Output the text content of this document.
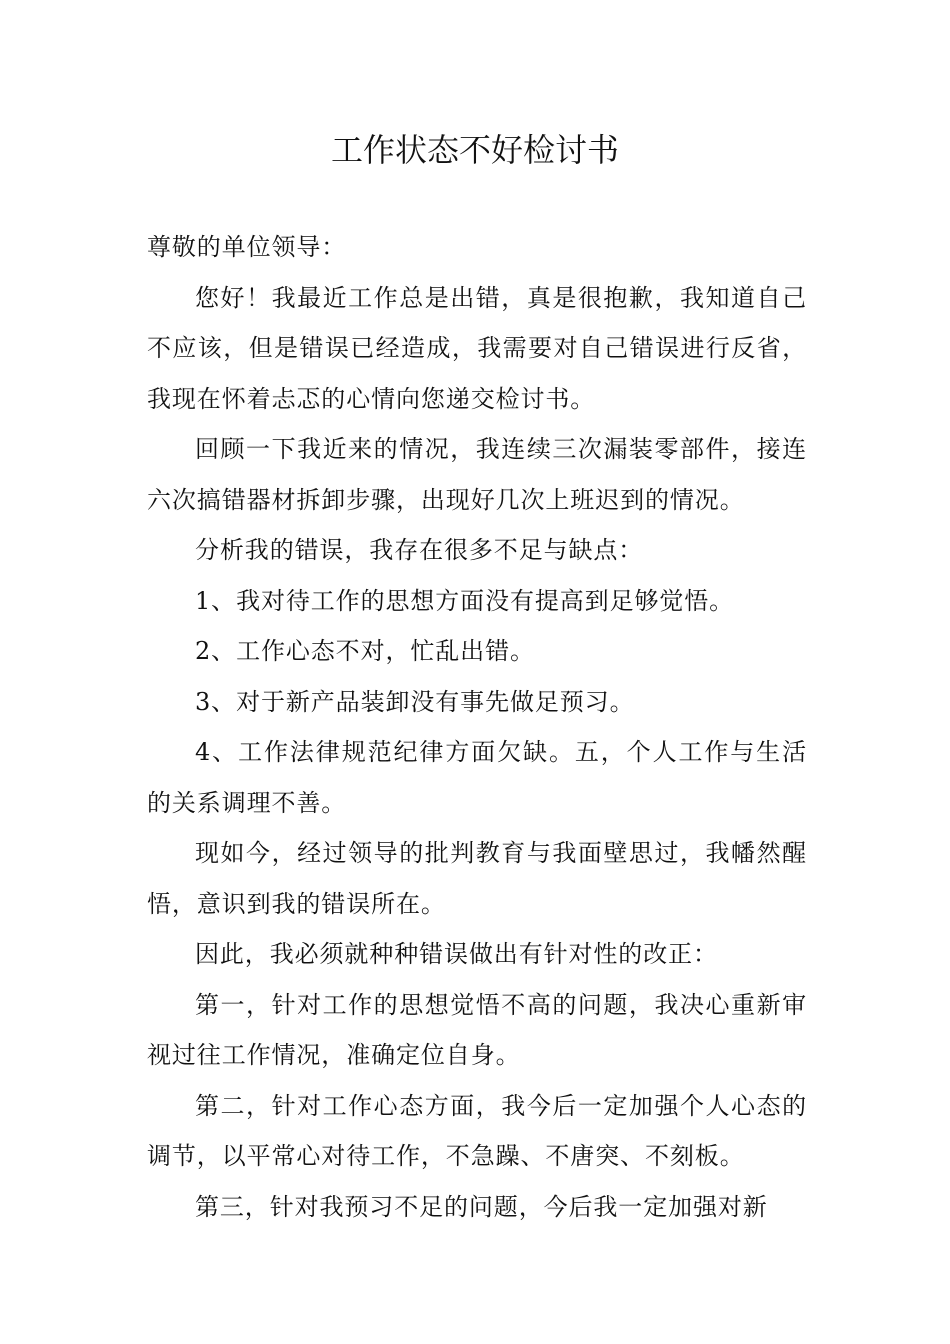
工作状态不好检讨书

尊敬的单位领导：

您好！我最近工作总是出错，真是很抱歉，我知道自己不应该，但是错误已经造成，我需要对自己错误进行反省，我现在怀着忐忑的心情向您递交检讨书。

回顾一下我近来的情况，我连续三次漏装零部件，接连六次搞错器材拆卸步骤，出现好几次上班迟到的情况。

分析我的错误，我存在很多不足与缺点：

1、我对待工作的思想方面没有提高到足够觉悟。

2、工作心态不对，忙乱出错。

3、对于新产品装卸没有事先做足预习。

4、工作法律规范纪律方面欠缺。五，个人工作与生活的关系调理不善。

现如今，经过领导的批判教育与我面壁思过，我幡然醒悟，意识到我的错误所在。

因此，我必须就种种错误做出有针对性的改正：

第一，针对工作的思想觉悟不高的问题，我决心重新审视过往工作情况，准确定位自身。

第二，针对工作心态方面，我今后一定加强个人心态的调节，以平常心对待工作，不急躁、不唐突、不刻板。

第三，针对我预习不足的问题，今后我一定加强对新
